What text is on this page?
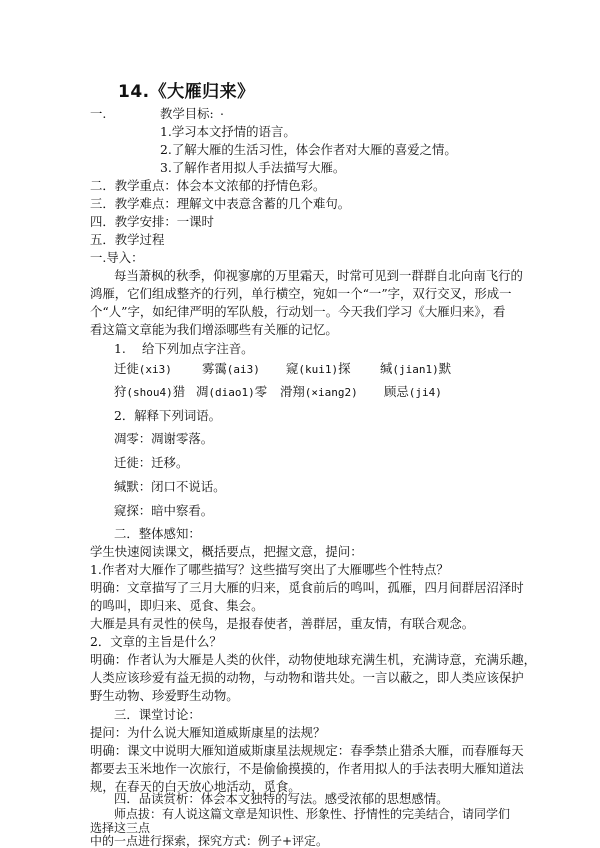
14.《大雁归来》
一.	教学目标: .
1.学习本文抒情的语言。
2.了解大雁的生活习性，体会作者对大雁的喜爱之情。
3.了解作者用拟人手法描写大雁。
二．教学重点：体会本文浓郁的抒情色彩。
三．教学难点：理解文中表意含蓄的几个难句。
四．教学安排：一课时
五．教学过程
一.导入：
每当萧枫的秋季，仰视寥廓的万里霜天，时常可见到一群群自北向南飞行的
鸿雁，它们组成整齐的行列，单行横空，宛如一个“一”字，双行交叉，形成一
个“人”字，如纪律严明的军队般，行动划一。今天我们学习《大雁归来》，看
看这篇文章能为我们增添哪些有关雁的记忆。
1. 给下列加点字注音。
迁徙(xi3) 雾霭(ai3) 窥(kui1)探 缄(jian1)默
狩(shou4)猎 凋(diao1)零 滑翔(×iang2) 顾忌(ji4)
2．解释下列词语。
凋零：凋谢零落。
迁徙：迁移。
缄默：闭口不说话。
窥探：暗中察看。
二．整体感知：
学生快速阅读课文，概括要点，把握文意，提问：
1.作者对大雁作了哪些描写？这些描写突出了大雁哪些个性特点？
明确：文章描写了三月大雁的归来，觅食前后的鸣叫，孤雁，四月间群居沼泽时
的鸣叫，即归来、觅食、集会。
大雁是具有灵性的侯鸟，是报春使者，善群居，重友情，有联合观念。
2．文章的主旨是什么？
明确：作者认为大雁是人类的伙伴，动物使地球充满生机，充满诗意，充满乐趣，
人类应该珍爱有益无损的动物，与动物和谐共处。一言以蔽之，即人类应该保护
野生动物、珍爱野生动物。
三．课堂讨论：
提问：为什么说大雁知道威斯康星的法规？
明确：课文中说明大雁知道威斯康星法规规定：春季禁止猎杀大雁，而春雁每天
都要去玉米地作一次旅行，不是偷偷摸摸的，作者用拟人的手法表明大雁知道法
规，在春天的白天放心地活动，觅食。
四．品读赏析：体会本文独特的写法。感受浓郁的思想感情。
师点拔：有人说这篇文章是知识性、形象性、抒情性的完美结合，请同学们
选择这三点
中的一点进行探索，探究方式：例子+评定。
